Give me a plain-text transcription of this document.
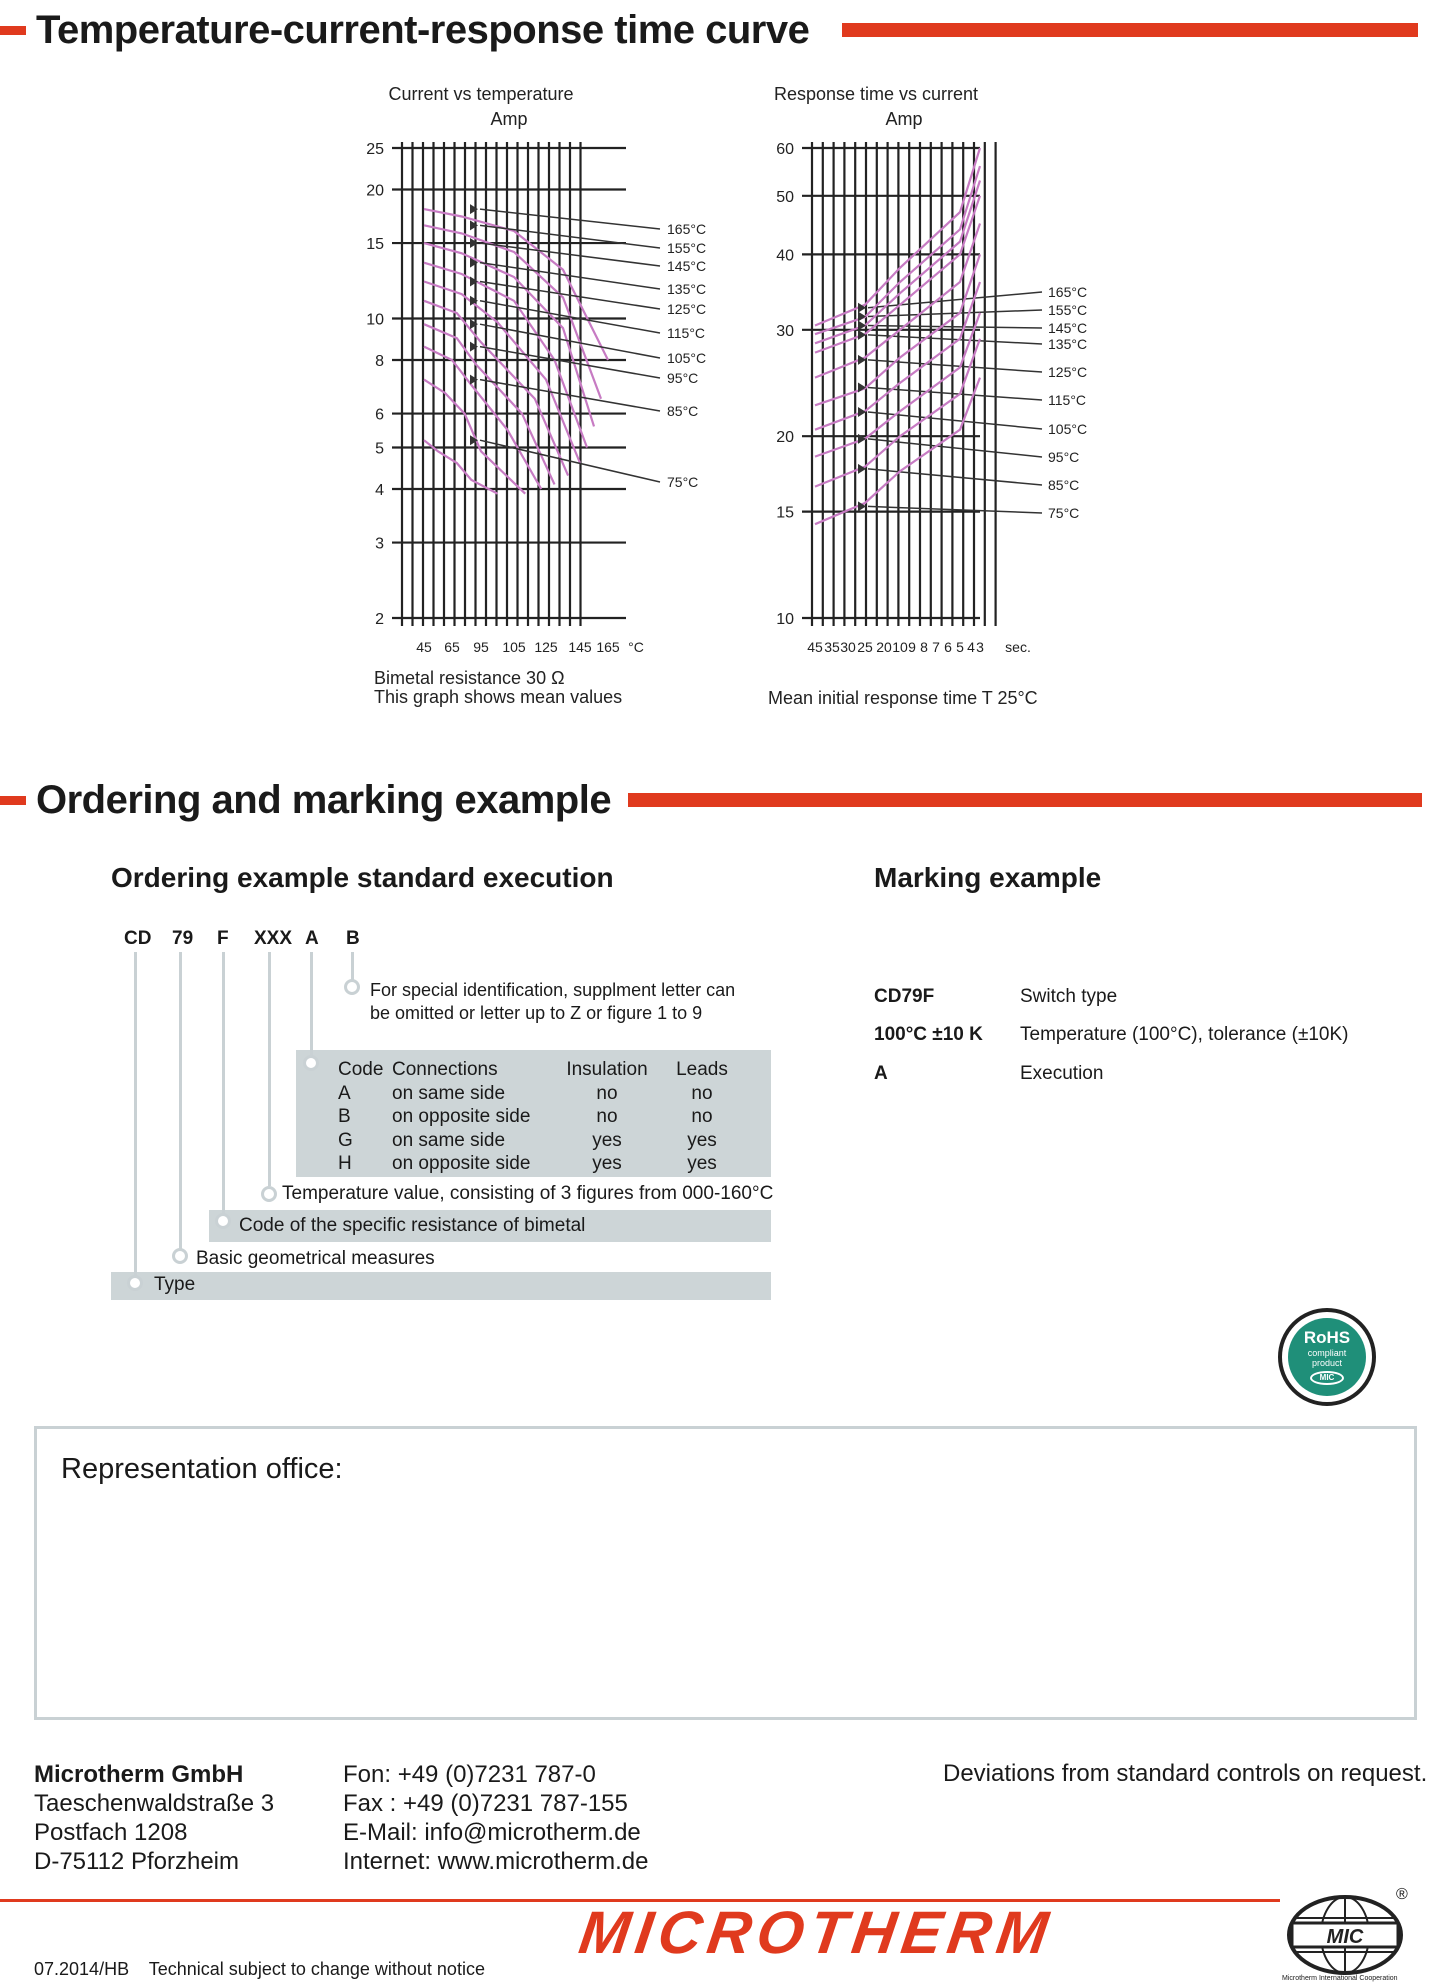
Temperature-current-response time curve
Current vs temperature
Amp
25
20
15
10
8
6
5
4
3
2
45 65 95 105 125 145 165 °C
165°C
155°C
145°C
135°C
125°C
115°C
105°C
95°C
85°C
75°C
Bimetal resistance 30 Ω
This graph shows mean values
Response time vs current
Amp
60
50
40
30
20
15
10
45 35 30 25 20 10 9 8 7 6 5 4 3 sec.
165°C
155°C
145°C
135°C
125°C
115°C
105°C
95°C
85°C
75°C
Mean initial response time T 25°C
Ordering and marking example
Ordering example standard execution	Marking example
CD 79 F XXX A B
For special identification, supplment letter can
be omitted or letter up to Z or figure 1 to 9
Code Connections	Insulation	Leads
A	on same side	no	no
B	on opposite side	no	no
G	on same side	yes	yes
H	on opposite side	yes	yes
Temperature value, consisting of 3 figures from 000-160°C
Code of the specific resistance of bimetal
Basic geometrical measures
Type
CD79F	Switch type
100°C ±10 K	Temperature (100°C), tolerance (±10K)
A	Execution
RoHS
compliant
product
MIC
Representation office:
Microtherm GmbH
Taeschenwaldstraße 3
Postfach 1208
D-75112 Pforzheim
Fon: +49 (0)7231 787-0
Fax : +49 (0)7231 787-155
E-Mail: info@microtherm.de
Internet: www.microtherm.de
Deviations from standard controls on request.
MICROTHERM
®
MIC
Microtherm International Cooperation
07.2014/HB    Technical subject to change without notice
